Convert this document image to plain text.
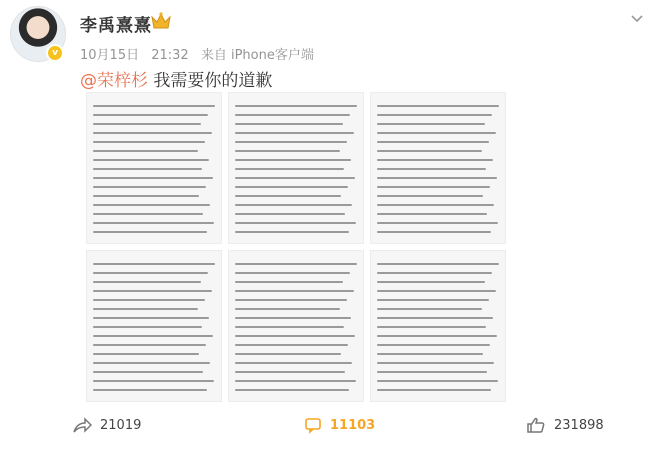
v
李禹熹熹
10月15日 21:32 来自 iPhone客户端
@荣梓杉 我需要你的道歉
21019	11103	231898
